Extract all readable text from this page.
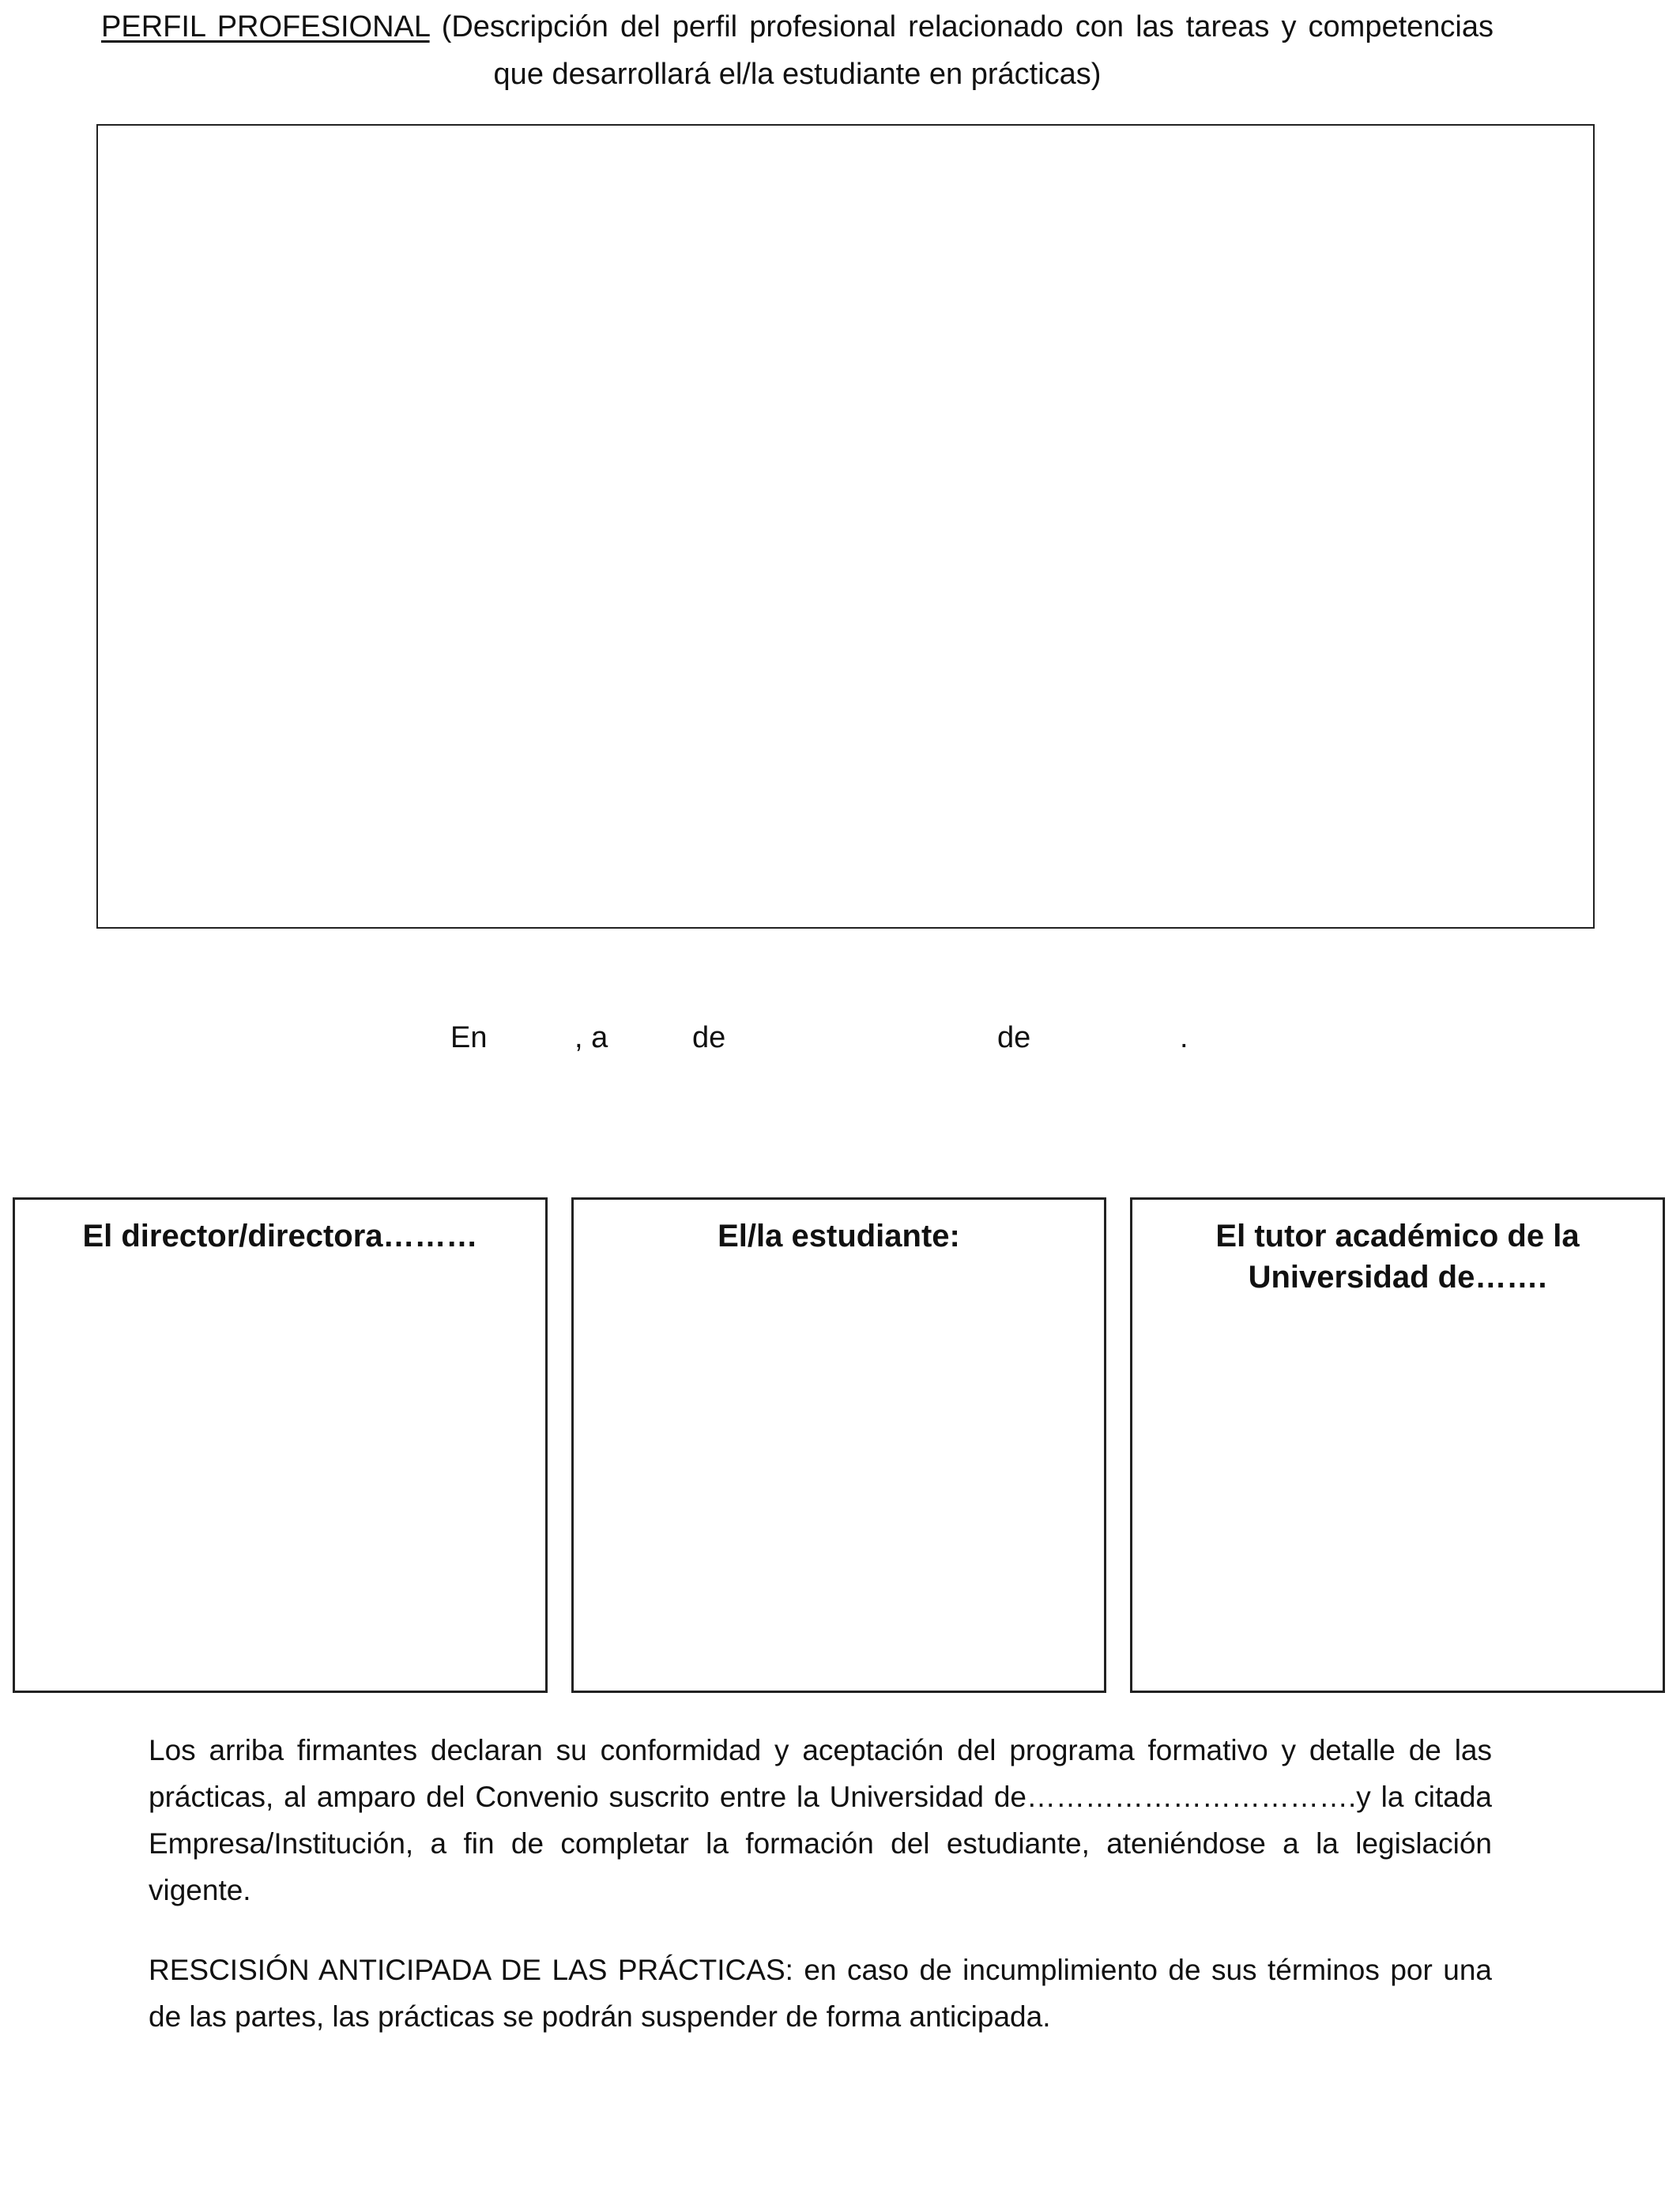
PERFIL PROFESIONAL (Descripción del perfil profesional relacionado con las tareas y competencias que desarrollará el/la estudiante en prácticas)
En	, a	de	de	.
El director/directora………	El/la estudiante:	El tutor académico de la Universidad de…….

Los arriba firmantes declaran su conformidad y aceptación del programa formativo y detalle de las prácticas, al amparo del Convenio suscrito entre la Universidad de…………………………….y la citada Empresa/Institución, a fin de completar la formación del estudiante, ateniéndose a la legislación vigente.

RESCISIÓN ANTICIPADA DE LAS PRÁCTICAS: en caso de incumplimiento de sus términos por una de las partes, las prácticas se podrán suspender de forma anticipada.
